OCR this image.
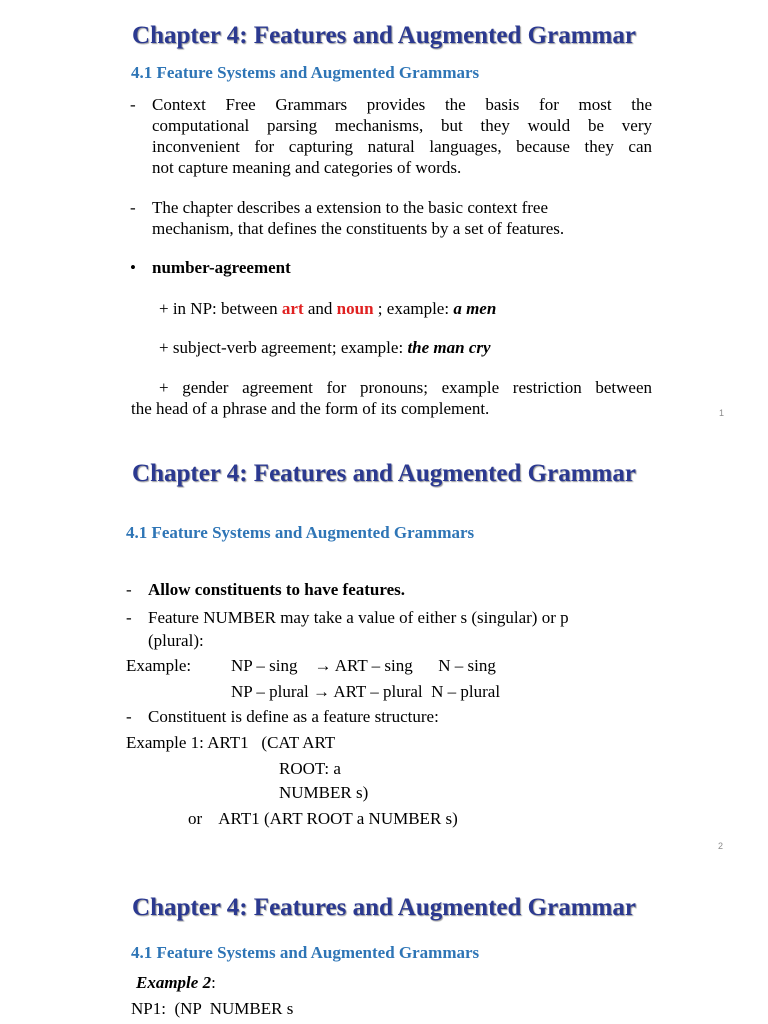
Chapter 4: Features and Augmented Grammar
4.1 Feature Systems and Augmented Grammars
- Context Free Grammars provides the basis for most the
computational parsing mechanisms, but they would be very
inconvenient for capturing natural languages, because they can
not capture meaning and categories of words.
- The chapter describes a extension to the basic context free
mechanism, that defines the constituents by a set of features.
• number-agreement
+ in NP: between art and noun ; example: a men
+ subject-verb agreement; example: the man cry
+ gender agreement for pronouns; example restriction between
the head of a phrase and the form of its complement.	1
Chapter 4: Features and Augmented Grammar
4.1 Feature Systems and Augmented Grammars
- Allow constituents to have features.
- Feature NUMBER may take a value of either s (singular) or p
(plural):
Example: NP – sing    → ART – sing      N – sing
NP – plural → ART – plural  N – plural
- Constituent is define as a feature structure:
Example 1: ART1   (CAT ART
ROOT: a
NUMBER s)
or    ART1 (ART ROOT a NUMBER s)
2
Chapter 4: Features and Augmented Grammar
4.1 Feature Systems and Augmented Grammars
Example 2:
NP1:  (NP  NUMBER s
